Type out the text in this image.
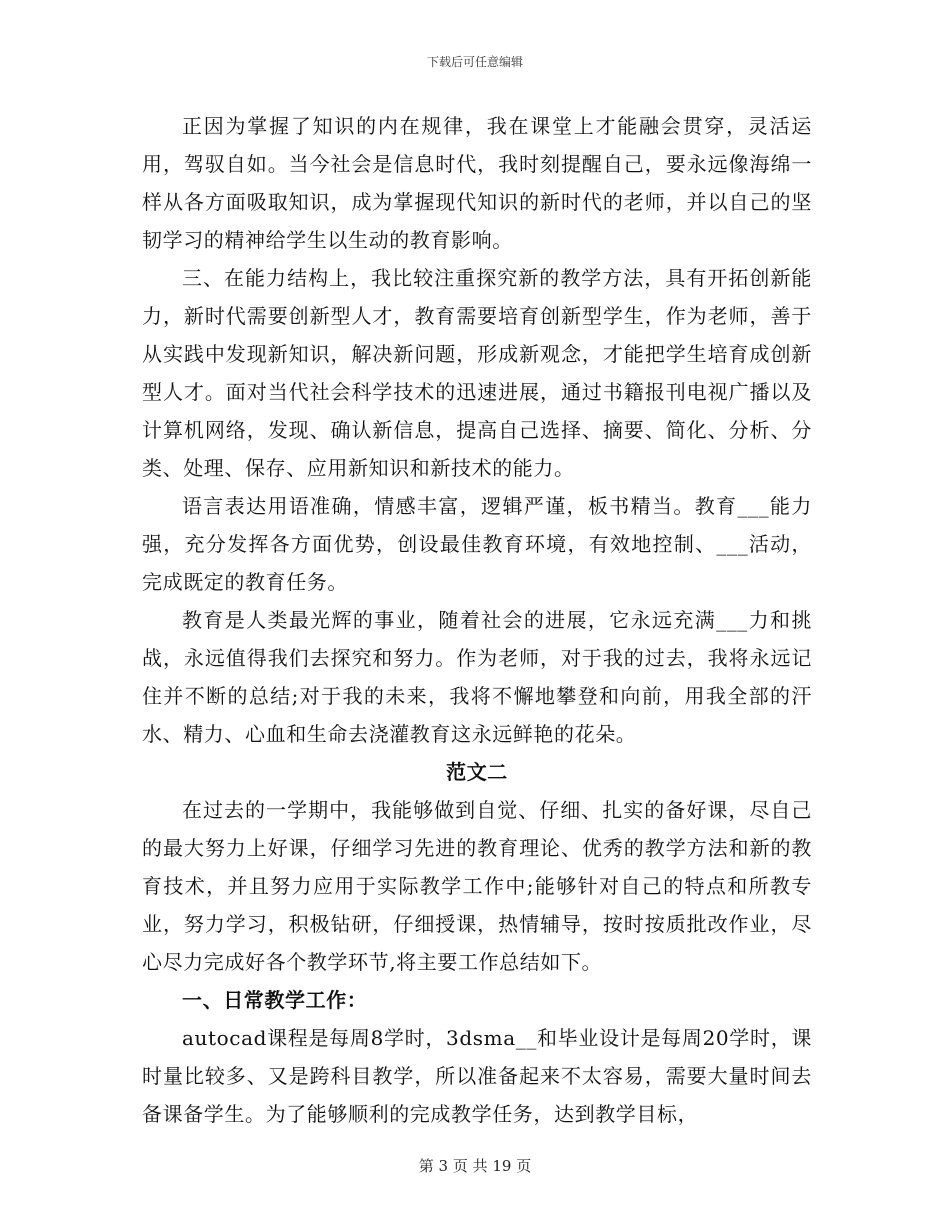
下载后可任意编辑

正因为掌握了知识的内在规律，我在课堂上才能融会贯穿，灵活运用，驾驭自如。当今社会是信息时代，我时刻提醒自己，要永远像海绵一样从各方面吸取知识，成为掌握现代知识的新时代的老师，并以自己的坚韧学习的精神给学生以生动的教育影响。

三、在能力结构上，我比较注重探究新的教学方法，具有开拓创新能力，新时代需要创新型人才，教育需要培育创新型学生，作为老师，善于从实践中发现新知识，解决新问题，形成新观念，才能把学生培育成创新型人才。面对当代社会科学技术的迅速进展，通过书籍报刊电视广播以及计算机网络，发现、确认新信息，提高自己选择、摘要、简化、分析、分类、处理、保存、应用新知识和新技术的能力。

语言表达用语准确，情感丰富，逻辑严谨，板书精当。教育___能力强，充分发挥各方面优势，创设最佳教育环境，有效地控制、___活动，完成既定的教育任务。

教育是人类最光辉的事业，随着社会的进展，它永远充满___力和挑战，永远值得我们去探究和努力。作为老师，对于我的过去，我将永远记住并不断的总结;对于我的未来，我将不懈地攀登和向前，用我全部的汗水、精力、心血和生命去浇灌教育这永远鲜艳的花朵。

范文二

在过去的一学期中，我能够做到自觉、仔细、扎实的备好课，尽自己的最大努力上好课，仔细学习先进的教育理论、优秀的教学方法和新的教育技术，并且努力应用于实际教学工作中;能够针对自己的特点和所教专业，努力学习，积极钻研，仔细授课，热情辅导，按时按质批改作业，尽心尽力完成好各个教学环节,将主要工作总结如下。

一、日常教学工作：

autocad课程是每周8学时，3dsma__和毕业设计是每周20学时，课时量比较多、又是跨科目教学，所以准备起来不太容易，需要大量时间去备课备学生。为了能够顺利的完成教学任务，达到教学目标，

第 3 页 共 19 页
